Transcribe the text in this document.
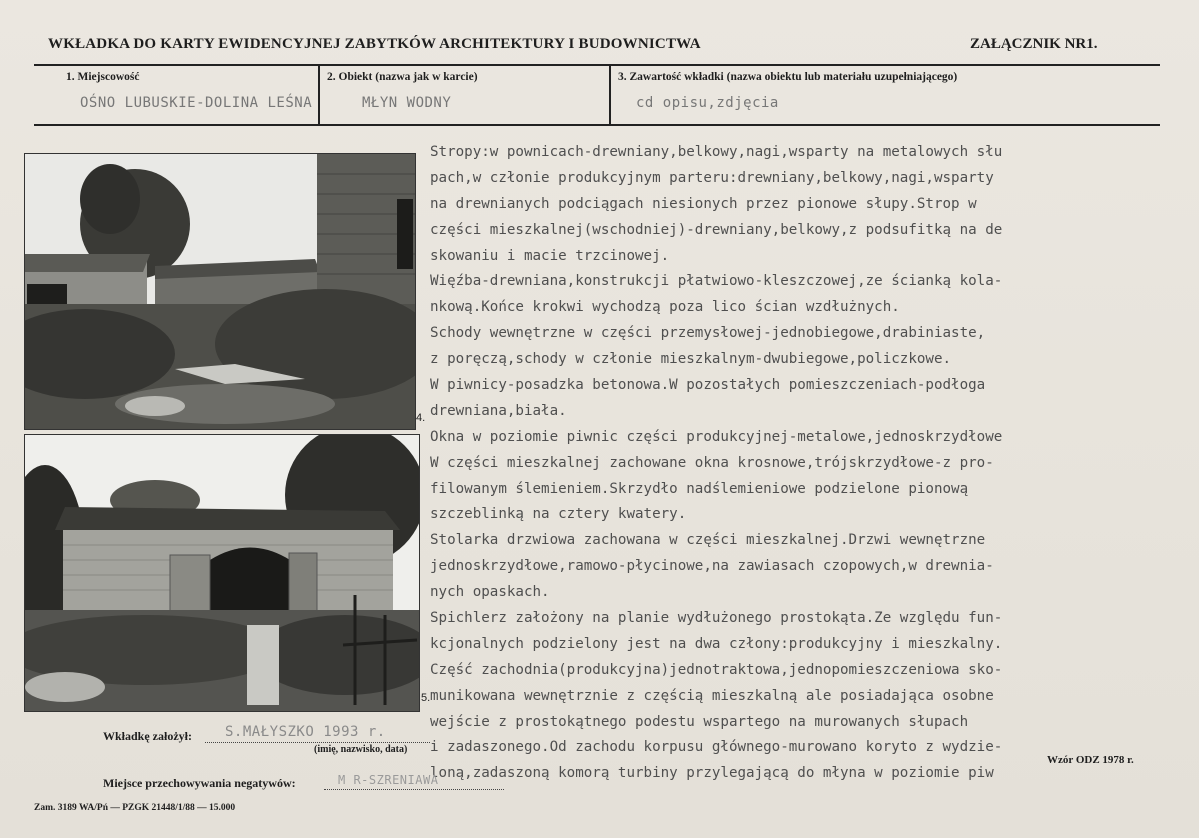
WKŁADKA DO KARTY EWIDENCYJNEJ ZABYTKÓW ARCHITEKTURY I BUDOWNICTWA	ZAŁĄCZNIK NR1.
1. Miejscowość
OŚNO LUBUSKIE-DOLINA LEŚNA
2. Obiekt (nazwa jak w karcie)
MŁYN WODNY
3. Zawartość wkładki (nazwa obiektu lub materiału uzupełniającego)
cd opisu,zdjęcia
4.
5.
Stropy:w pownicach-drewniany,belkowy,nagi,wsparty na metalowych słu
pach,w członie produkcyjnym parteru:drewniany,belkowy,nagi,wsparty
na drewnianych podciągach niesionych przez pionowe słupy.Strop w
części mieszkalnej(wschodniej)-drewniany,belkowy,z podsufitką na de
skowaniu i macie trzcinowej.
Więźba-drewniana,konstrukcji płatwiowo-kleszczowej,ze ścianką kola-
nkową.Końce krokwi wychodzą poza lico ścian wzdłużnych.
Schody wewnętrzne w części przemysłowej-jednobiegowe,drabiniaste,
z poręczą,schody w członie mieszkalnym-dwubiegowe,policzkowe.
W piwnicy-posadzka betonowa.W pozostałych pomieszczeniach-podłoga
drewniana,biała.
Okna w poziomie piwnic części produkcyjnej-metalowe,jednoskrzydłowe
W części mieszkalnej zachowane okna krosnowe,trójskrzydłowe-z pro-
filowanym ślemieniem.Skrzydło nadślemieniowe podzielone pionową
szczeblinką na cztery kwatery.
Stolarka drzwiowa zachowana w części mieszkalnej.Drzwi wewnętrzne
jednoskrzydłowe,ramowo-płycinowe,na zawiasach czopowych,w drewnia-
nych opaskach.
Spichlerz założony na planie wydłużonego prostokąta.Ze względu fun-
kcjonalnych podzielony jest na dwa człony:produkcyjny i mieszkalny.
Część zachodnia(produkcyjna)jednotraktowa,jednopomieszczeniowa sko-
munikowana wewnętrznie z częścią mieszkalną ale posiadająca osobne
wejście z prostokątnego podestu wspartego na murowanych słupach
i zadaszonego.Od zachodu korpusu głównego-murowano koryto z wydzie-
loną,zadaszoną komorą turbiny przylegającą do młyna w poziomie piw
Wkładkę założył: S.MAŁYSZKO 1993 r.
(imię, nazwisko, data)
Miejsce przechowywania negatywów:	M R-SZRENIAWA
Zam. 3189 WA/Pń — PZGK 21448/1/88 — 15.000
Wzór ODZ 1978 r.
